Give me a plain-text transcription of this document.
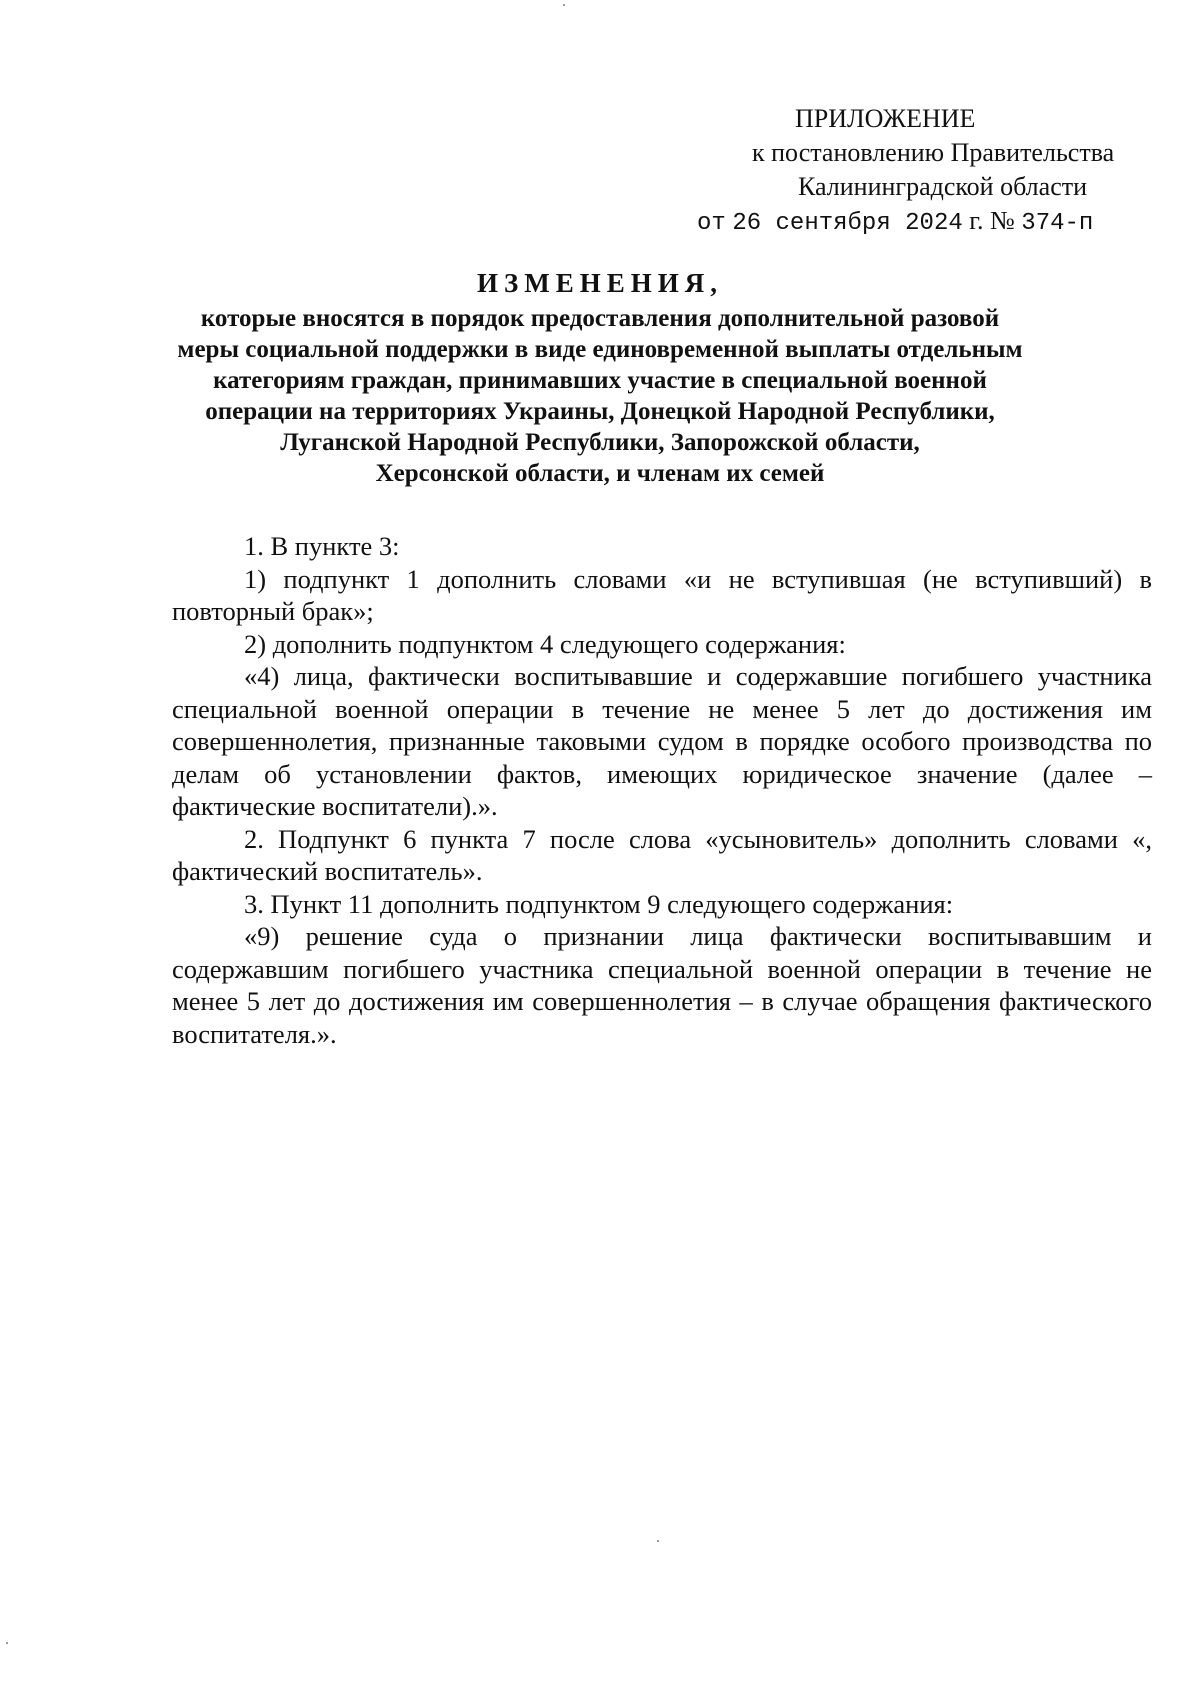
ПРИЛОЖЕНИЕ
к постановлению Правительства
Калининградской области
от 26 сентября 2024 г. № 374-п
ИЗМЕНЕНИЯ,
которые вносятся в порядок предоставления дополнительной разовой
меры социальной поддержки в виде единовременной выплаты отдельным
категориям граждан, принимавших участие в специальной военной
операции на территориях Украины, Донецкой Народной Республики,
Луганской Народной Республики, Запорожской области,
Херсонской области, и членам их семей

1. В пункте 3:

1) подпункт 1 дополнить словами «и не вступившая (не вступивший) в повторный брак»;

2) дополнить подпунктом 4 следующего содержания:

«4) лица, фактически воспитывавшие и содержавшие погибшего участника специальной военной операции в течение не менее 5 лет до достижения им совершеннолетия, признанные таковыми судом в порядке особого производства по делам об установлении фактов, имеющих юридическое значение (далее – фактические воспитатели).».

2. Подпункт 6 пункта 7 после слова «усыновитель» дополнить словами «, фактический воспитатель».

3. Пункт 11 дополнить подпунктом 9 следующего содержания:

«9) решение суда о признании лица фактически воспитывавшим и содержавшим погибшего участника специальной военной операции в течение не менее 5 лет до достижения им совершеннолетия – в случае обращения фактического воспитателя.».
